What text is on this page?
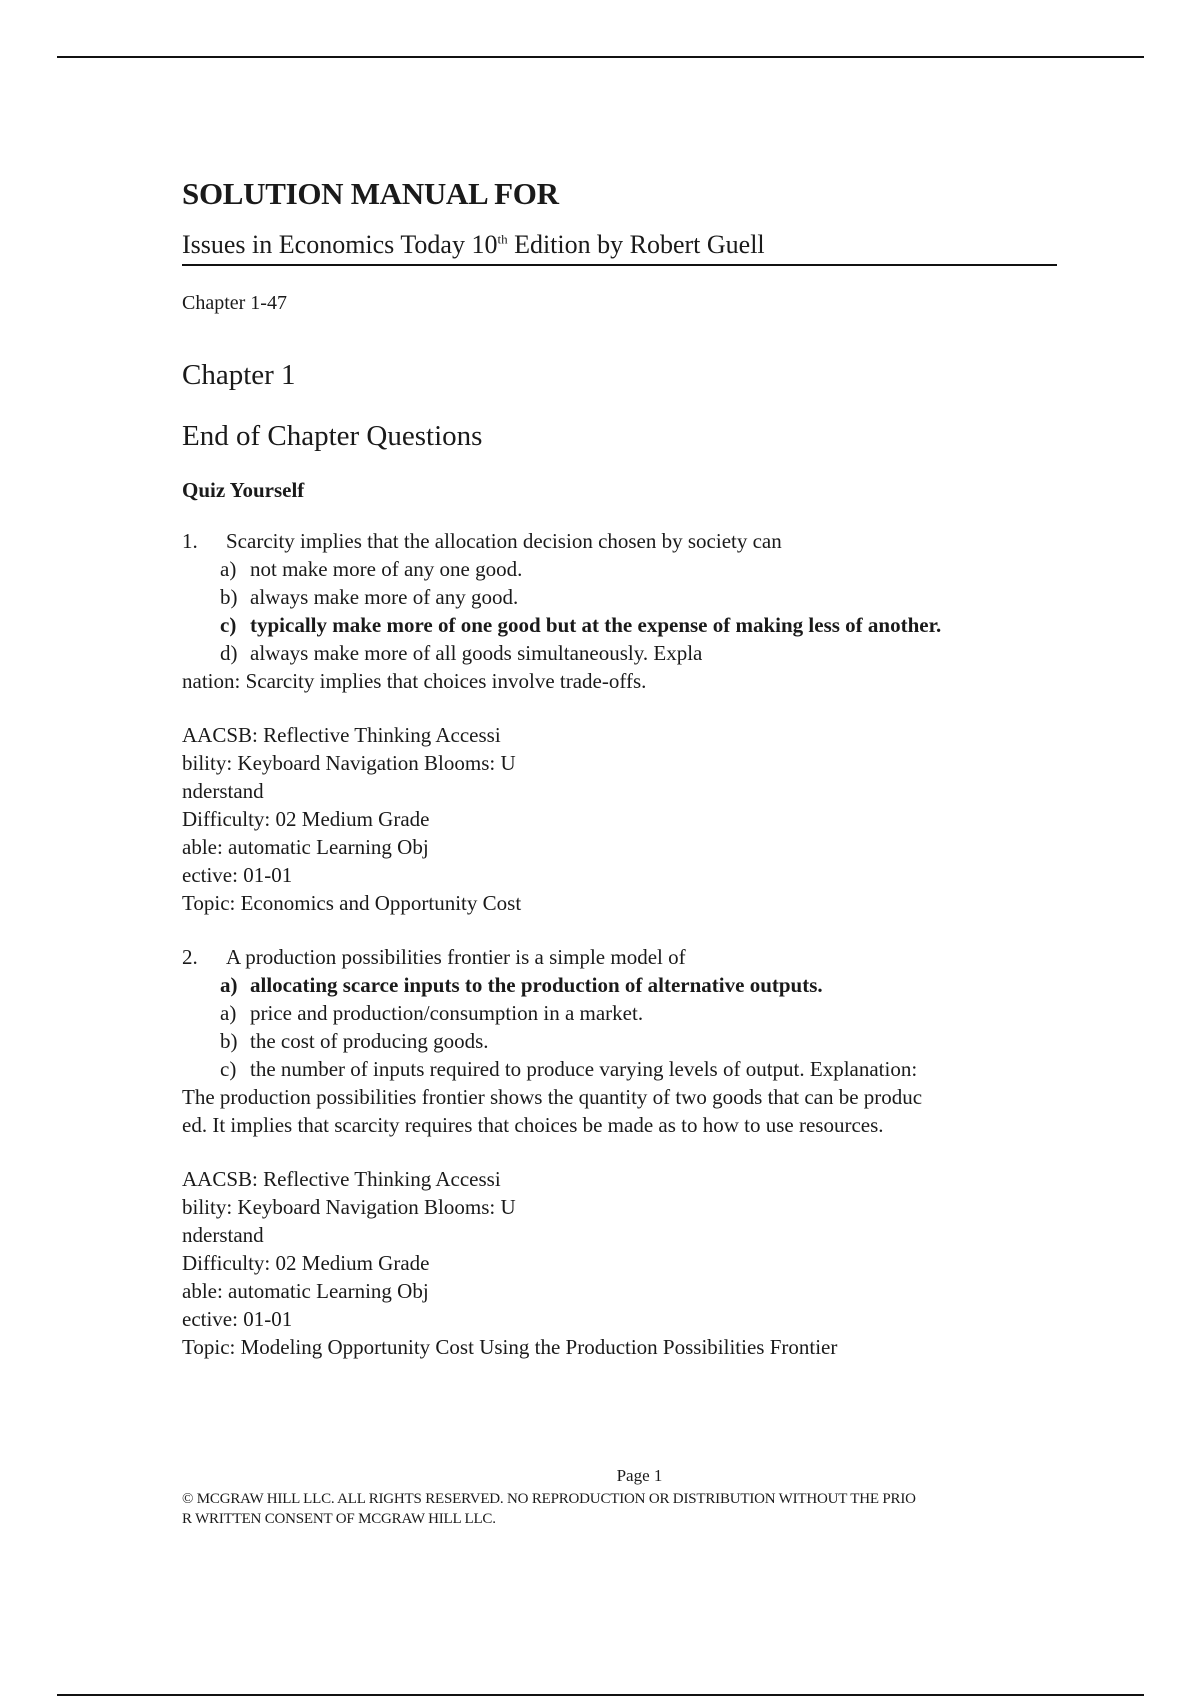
SOLUTION MANUAL FOR
Issues in Economics Today 10th Edition by Robert Guell
Chapter 1-47
Chapter 1
End of Chapter Questions
Quiz Yourself
1. Scarcity implies that the allocation decision chosen by society can
a) not make more of any one good.
b) always make more of any good.
c) typically make more of one good but at the expense of making less of another.
d) always make more of all goods simultaneously. Expla
nation: Scarcity implies that choices involve trade-offs.
AACSB: Reflective Thinking Accessi
bility: Keyboard Navigation Blooms: U
nderstand
Difficulty: 02 Medium Grade
able: automatic Learning Obj
ective: 01-01
Topic: Economics and Opportunity Cost
2. A production possibilities frontier is a simple model of
a) allocating scarce inputs to the production of alternative outputs.
a) price and production/consumption in a market.
b) the cost of producing goods.
c) the number of inputs required to produce varying levels of output. Explanation:
The production possibilities frontier shows the quantity of two goods that can be produc
ed. It implies that scarcity requires that choices be made as to how to use resources.
AACSB: Reflective Thinking Accessi
bility: Keyboard Navigation Blooms: U
nderstand
Difficulty: 02 Medium Grade
able: automatic Learning Obj
ective: 01-01
Topic: Modeling Opportunity Cost Using the Production Possibilities Frontier
Page 1
© MCGRAW HILL LLC. ALL RIGHTS RESERVED. NO REPRODUCTION OR DISTRIBUTION WITHOUT THE PRIO
R WRITTEN CONSENT OF MCGRAW HILL LLC.
